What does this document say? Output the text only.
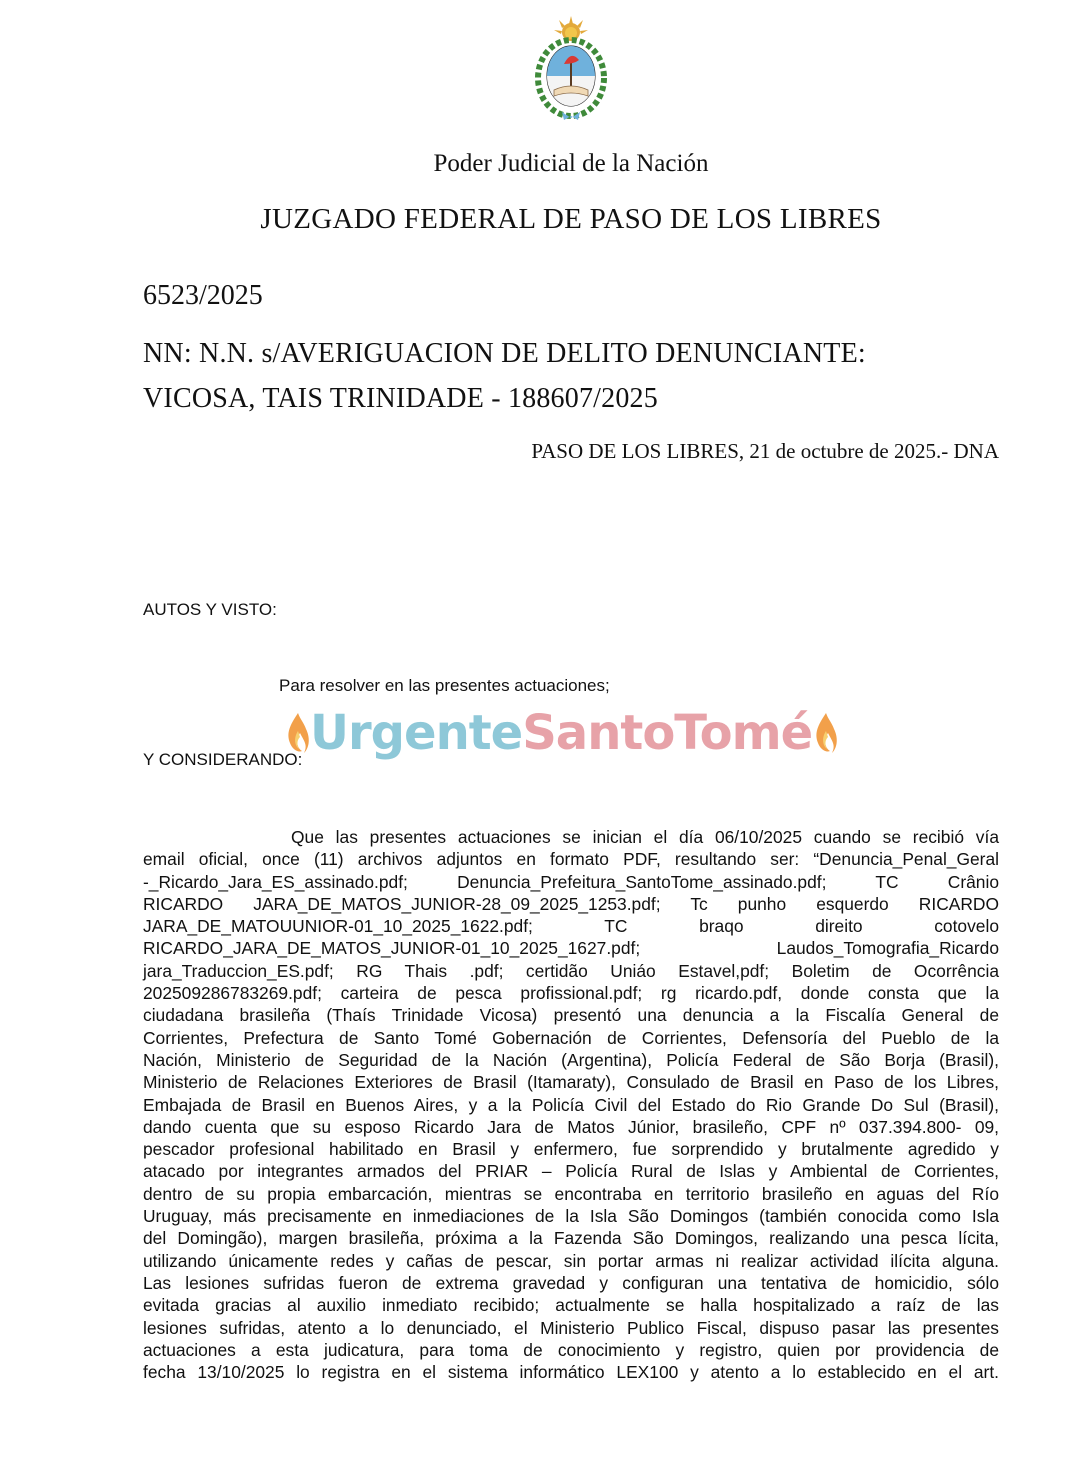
Poder Judicial de la Nación
JUZGADO FEDERAL DE PASO DE LOS LIBRES
6523/2025
NN: N.N. s/AVERIGUACION DE DELITO DENUNCIANTE:
VICOSA, TAIS TRINIDADE - 188607/2025
PASO DE LOS LIBRES, 21 de octubre de 2025.- DNA
AUTOS Y VISTO:
Para resolver en las presentes actuaciones;
Urgente SantoTomé
Y CONSIDERANDO:
Que las presentes actuaciones se inician el día 06/10/2025 cuando se recibió vía
email oficial, once (11) archivos adjuntos en formato PDF, resultando ser: “Denuncia_Penal_Geral
-_Ricardo_Jara_ES_assinado.pdf; Denuncia_Prefeitura_SantoTome_assinado.pdf; TC Crânio
RICARDO JARA_DE_MATOS_JUNIOR-28_09_2025_1253.pdf; Tc punho esquerdo RICARDO
JARA_DE_MATOUUNIOR-01_10_2025_1622.pdf; TC braqo direito cotovelo
RICARDO_JARA_DE_MATOS_JUNIOR-01_10_2025_1627.pdf; Laudos_Tomografia_Ricardo
jara_Traduccion_ES.pdf; RG Thais .pdf; certidão Uniáo Estavel,pdf; Boletim de Ocorrência
202509286783269.pdf; carteira de pesca profissional.pdf; rg ricardo.pdf, donde consta que la
ciudadana brasileña (Thaís Trinidade Vicosa) presentó una denuncia a la Fiscalía General de
Corrientes, Prefectura de Santo Tomé Gobernación de Corrientes, Defensoría del Pueblo de la
Nación, Ministerio de Seguridad de la Nación (Argentina), Policía Federal de São Borja (Brasil),
Ministerio de Relaciones Exteriores de Brasil (Itamaraty), Consulado de Brasil en Paso de los Libres,
Embajada de Brasil en Buenos Aires, y a la Policía Civil del Estado do Rio Grande Do Sul (Brasil),
dando cuenta que su esposo Ricardo Jara de Matos Júnior, brasileño, CPF nº 037.394.800- 09,
pescador profesional habilitado en Brasil y enfermero, fue sorprendido y brutalmente agredido y
atacado por integrantes armados del PRIAR – Policía Rural de Islas y Ambiental de Corrientes,
dentro de su propia embarcación, mientras se encontraba en territorio brasileño en aguas del Río
Uruguay, más precisamente en inmediaciones de la Isla São Domingos (también conocida como Isla
del Domingão), margen brasileña, próxima a la Fazenda São Domingos, realizando una pesca lícita,
utilizando únicamente redes y cañas de pescar, sin portar armas ni realizar actividad ilícita alguna.
Las lesiones sufridas fueron de extrema gravedad y configuran una tentativa de homicidio, sólo
evitada gracias al auxilio inmediato recibido; actualmente se halla hospitalizado a raíz de las
lesiones sufridas, atento a lo denunciado, el Ministerio Publico Fiscal, dispuso pasar las presentes
actuaciones a esta judicatura, para toma de conocimiento y registro, quien por providencia de
fecha 13/10/2025 lo registra en el sistema informático LEX100 y atento a lo establecido en el art.
